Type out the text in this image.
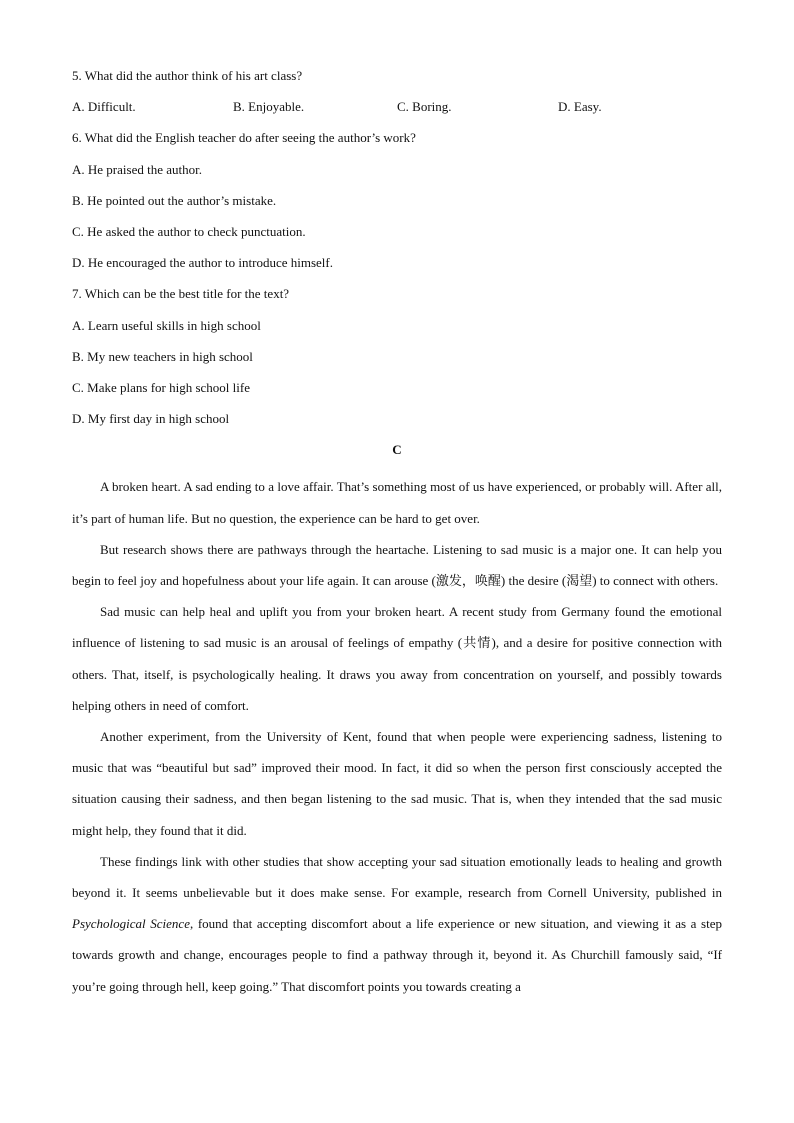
5. What did the author think of his art class?
A. Difficult.	B. Enjoyable.	C. Boring.	D. Easy.
6. What did the English teacher do after seeing the author’s work?
A. He praised the author.
B. He pointed out the author’s mistake.
C. He asked the author to check punctuation.
D. He encouraged the author to introduce himself.
7. Which can be the best title for the text?
A. Learn useful skills in high school
B. My new teachers in high school
C. Make plans for high school life
D. My first day in high school
C

A broken heart. A sad ending to a love affair. That’s something most of us have experienced, or probably will. After all, it’s part of human life. But no question, the experience can be hard to get over.

But research shows there are pathways through the heartache. Listening to sad music is a major one. It can help you begin to feel joy and hopefulness about your life again. It can arouse (激发，唤醒) the desire (渴望) to connect with others.

Sad music can help heal and uplift you from your broken heart. A recent study from Germany found the emotional influence of listening to sad music is an arousal of feelings of empathy (共情), and a desire for positive connection with others. That, itself, is psychologically healing. It draws you away from concentration on yourself, and possibly towards helping others in need of comfort.

Another experiment, from the University of Kent, found that when people were experiencing sadness, listening to music that was “beautiful but sad” improved their mood. In fact, it did so when the person first consciously accepted the situation causing their sadness, and then began listening to the sad music. That is, when they intended that the sad music might help, they found that it did.

These findings link with other studies that show accepting your sad situation emotionally leads to healing and growth beyond it. It seems unbelievable but it does make sense. For example, research from Cornell University, published in Psychological Science, found that accepting discomfort about a life experience or new situation, and viewing it as a step towards growth and change, encourages people to find a pathway through it, beyond it. As Churchill famously said, “If you’re going through hell, keep going.” That discomfort points you towards creating a
